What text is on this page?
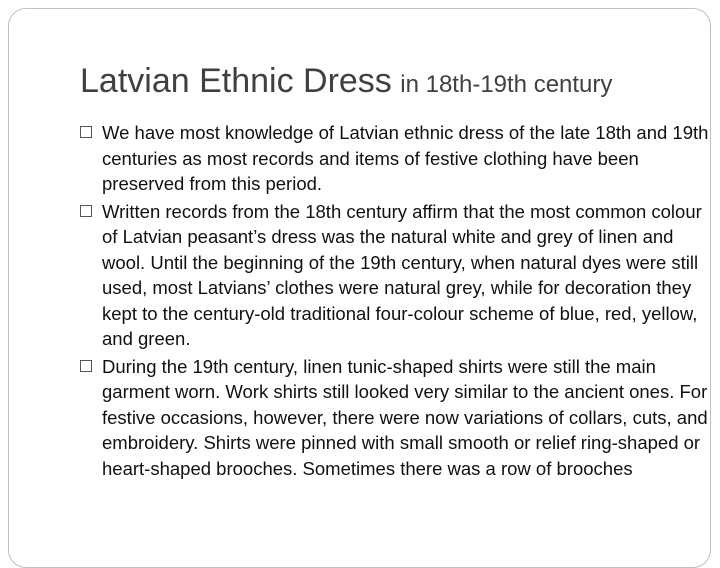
Latvian Ethnic Dress in 18th-19th century
We have most knowledge of Latvian ethnic dress of the late 18th and 19th centuries as most records and items of festive clothing have been preserved from this period.
Written records from the 18th century affirm that the most common colour of Latvian peasant’s dress was the natural white and grey of linen and wool. Until the beginning of the 19th century, when natural dyes were still used, most Latvians’ clothes were natural grey, while for decoration they kept to the century-old traditional four-colour scheme of blue, red, yellow, and green.
During the 19th century, linen tunic-shaped shirts were still the main garment worn. Work shirts still looked very similar to the ancient ones. For festive occasions, however, there were now variations of collars, cuts, and embroidery. Shirts were pinned with small smooth or relief ring-shaped or heart-shaped brooches. Sometimes there was a row of brooches
